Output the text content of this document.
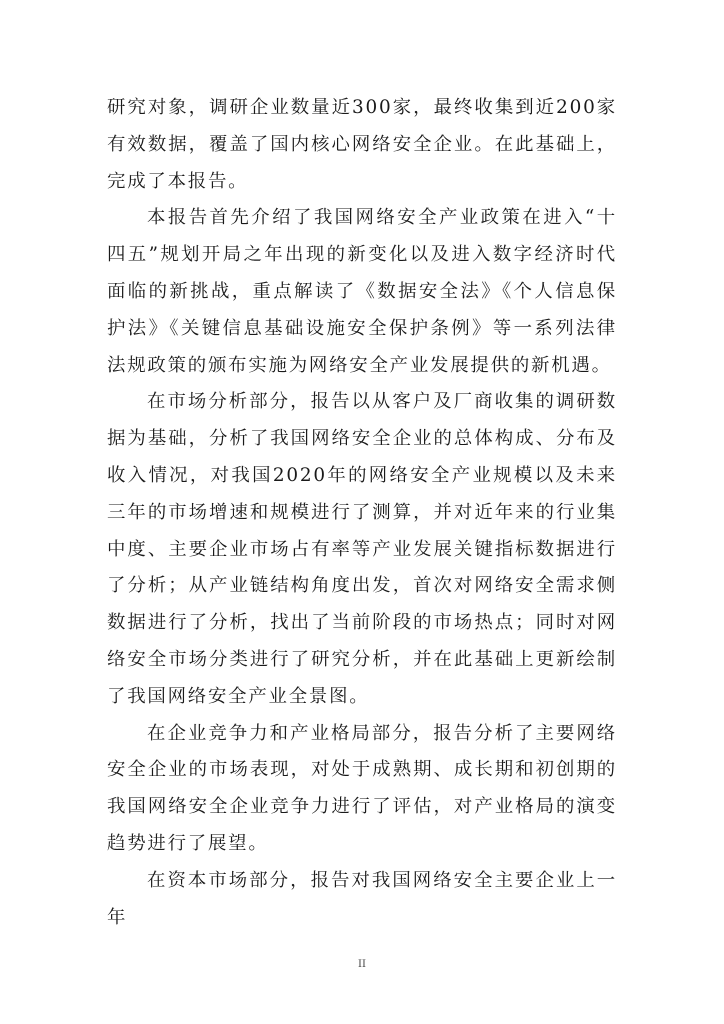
研究对象，调研企业数量近300家，最终收集到近200家有效数据，覆盖了国内核心网络安全企业。在此基础上，完成了本报告。

本报告首先介绍了我国网络安全产业政策在进入“十四五”规划开局之年出现的新变化以及进入数字经济时代面临的新挑战，重点解读了《数据安全法》《个人信息保护法》《关键信息基础设施安全保护条例》等一系列法律法规政策的颁布实施为网络安全产业发展提供的新机遇。

在市场分析部分，报告以从客户及厂商收集的调研数据为基础，分析了我国网络安全企业的总体构成、分布及收入情况，对我国2020年的网络安全产业规模以及未来三年的市场增速和规模进行了测算，并对近年来的行业集中度、主要企业市场占有率等产业发展关键指标数据进行了分析；从产业链结构角度出发，首次对网络安全需求侧数据进行了分析，找出了当前阶段的市场热点；同时对网络安全市场分类进行了研究分析，并在此基础上更新绘制了我国网络安全产业全景图。

在企业竞争力和产业格局部分，报告分析了主要网络安全企业的市场表现，对处于成熟期、成长期和初创期的我国网络安全企业竞争力进行了评估，对产业格局的演变趋势进行了展望。

在资本市场部分，报告对我国网络安全主要企业上一年

II
